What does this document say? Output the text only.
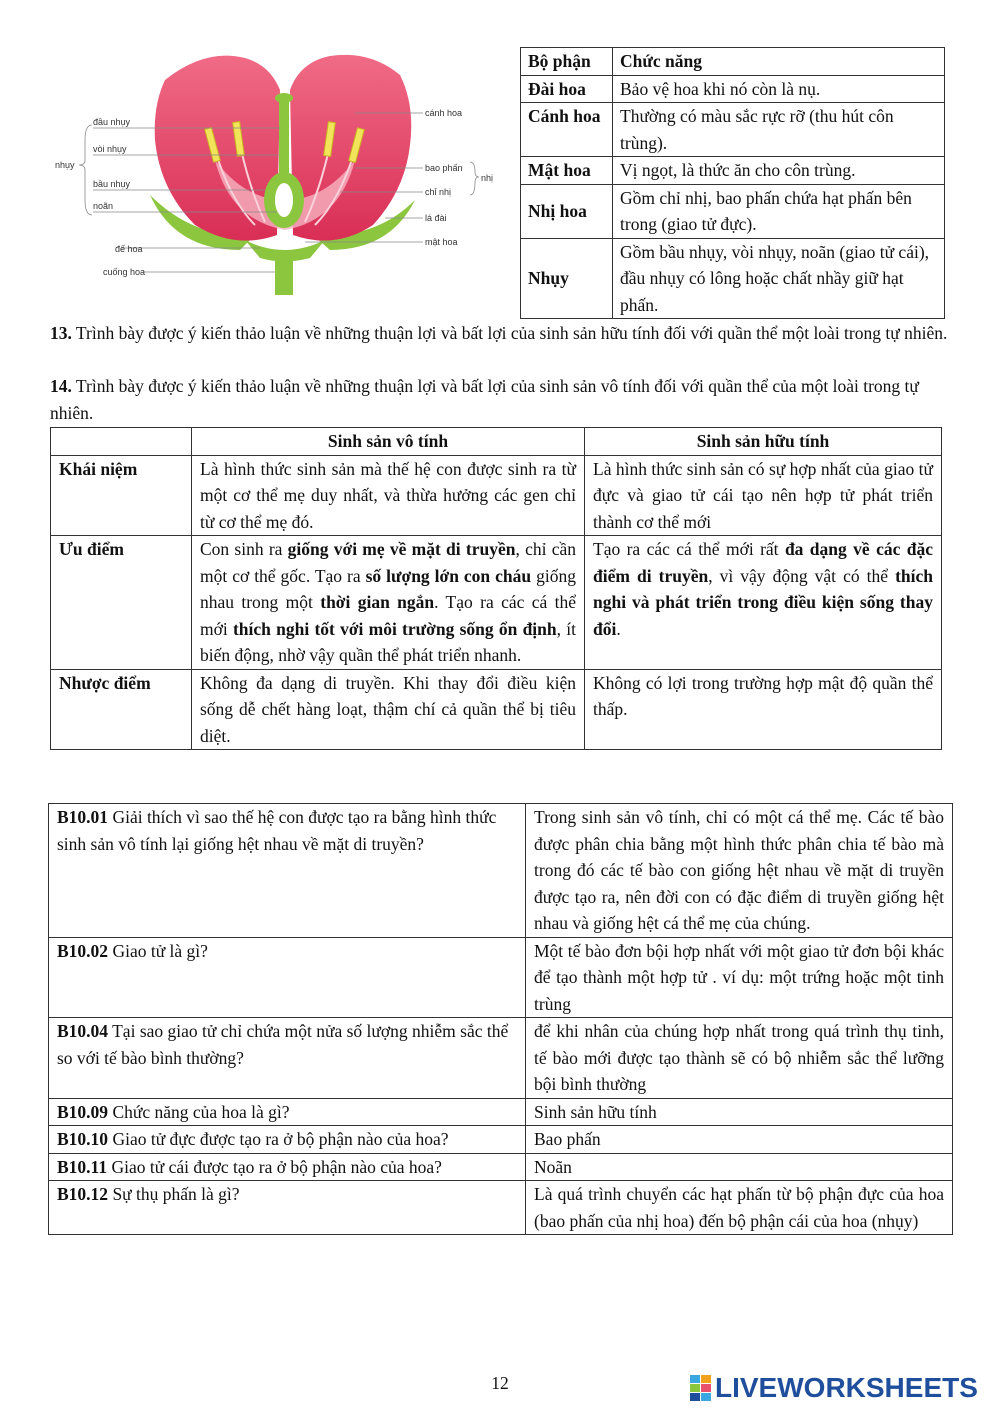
đầu nhụy
vòi nhụy
nhụy
bầu nhụy
noãn
đế hoa
cuống hoa
cánh hoa
bao phấn
nhị
chỉ nhị
lá đài
mật hoa
Bộ phận	Chức năng
Đài hoa	Bảo vệ hoa khi nó còn là nụ.
Cánh hoa	Thường có màu sắc rực rỡ (thu hút côn trùng).
Mật hoa	Vị ngọt, là thức ăn cho côn trùng.
Nhị hoa	Gồm chỉ nhị, bao phấn chứa hạt phấn bên trong (giao tử đực).
Nhụy	Gồm bầu nhụy, vòi nhụy, noãn (giao tử cái), đầu nhụy có lông hoặc chất nhầy giữ hạt phấn.
13. Trình bày được ý kiến thảo luận về những thuận lợi và bất lợi của sinh sản hữu tính đối với quần thể một loài trong tự nhiên.
14. Trình bày được ý kiến thảo luận về những thuận lợi và bất lợi của sinh sản vô tính đối với quần thể của một loài trong tự nhiên.
	Sinh sản vô tính	Sinh sản hữu tính
Khái niệm	Là hình thức sinh sản mà thế hệ con được sinh ra từ một cơ thể mẹ duy nhất, và thừa hưởng các gen chỉ từ cơ thể mẹ đó.	Là hình thức sinh sản có sự hợp nhất của giao tử đực và giao tử cái tạo nên hợp tử phát triển thành cơ thể mới
Ưu điểm	Con sinh ra giống với mẹ về mặt di truyền, chỉ cần một cơ thể gốc. Tạo ra số lượng lớn con cháu giống nhau trong một thời gian ngắn. Tạo ra các cá thể mới thích nghi tốt với môi trường sống ổn định, ít biến động, nhờ vậy quần thể phát triển nhanh.	Tạo ra các cá thể mới rất đa dạng về các đặc điểm di truyền, vì vậy động vật có thể thích nghi và phát triển trong điều kiện sống thay đổi.
Nhược điểm	Không đa dạng di truyền. Khi thay đổi điều kiện sống dễ chết hàng loạt, thậm chí cả quần thể bị tiêu diệt.	Không có lợi trong trường hợp mật độ quần thể thấp.
B10.01 Giải thích vì sao thế hệ con được tạo ra bằng hình thức sinh sản vô tính lại giống hệt nhau về mặt di truyền?	Trong sinh sản vô tính, chỉ có một cá thể mẹ. Các tế bào được phân chia bằng một hình thức phân chia tế bào mà trong đó các tế bào con giống hệt nhau về mặt di truyền được tạo ra, nên đời con có đặc điểm di truyền giống hệt nhau và giống hệt cá thể mẹ của chúng.
B10.02 Giao tử là gì?	Một tế bào đơn bội hợp nhất với một giao tử đơn bội khác để tạo thành một hợp tử . ví dụ: một trứng hoặc một tinh trùng
B10.04 Tại sao giao tử chỉ chứa một nửa số lượng nhiễm sắc thể so với tế bào bình thường?	để khi nhân của chúng hợp nhất trong quá trình thụ tinh, tế bào mới được tạo thành sẽ có bộ nhiễm sắc thể lưỡng bội bình thường
B10.09 Chức năng của hoa là gì?	Sinh sản hữu tính
B10.10 Giao tử đực được tạo ra ở bộ phận nào của hoa?	Bao phấn
B10.11 Giao tử cái được tạo ra ở bộ phận nào của hoa?	Noãn
B10.12 Sự thụ phấn là gì?	Là quá trình chuyển các hạt phấn từ bộ phận đực của hoa (bao phấn của nhị hoa) đến bộ phận cái của hoa (nhụy)
12	LIVEWORKSHEETS
